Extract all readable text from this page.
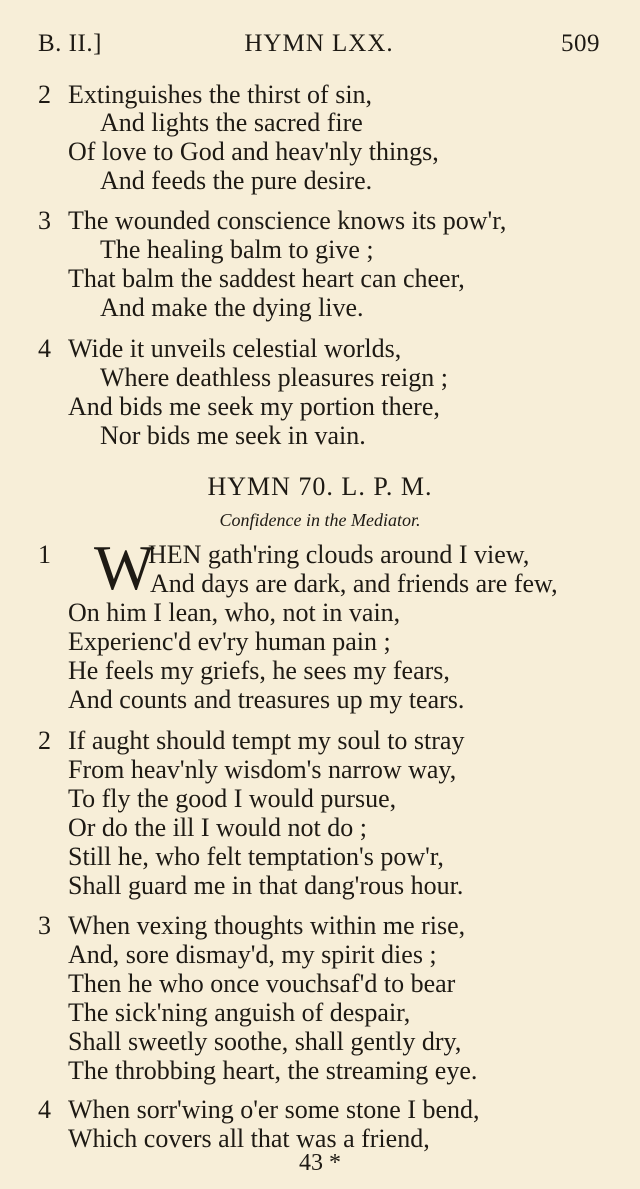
B. II.]	HYMN LXX.	509
2 Extinguishes the thirst of sin,
And lights the sacred fire
Of love to God and heav'nly things,
And feeds the pure desire.
3 The wounded conscience knows its pow'r,
The healing balm to give ;
That balm the saddest heart can cheer,
And make the dying live.
4 Wide it unveils celestial worlds,
Where deathless pleasures reign ;
And bids me seek my portion there,
Nor bids me seek in vain.
HYMN 70. L. P. M.
Confidence in the Mediator.
1 W
HEN gath'ring clouds around I view,
And days are dark, and friends are few,
On him I lean, who, not in vain,
Experienc'd ev'ry human pain ;
He feels my griefs, he sees my fears,
And counts and treasures up my tears.
2 If aught should tempt my soul to stray
From heav'nly wisdom's narrow way,
To fly the good I would pursue,
Or do the ill I would not do ;
Still he, who felt temptation's pow'r,
Shall guard me in that dang'rous hour.
3 When vexing thoughts within me rise,
And, sore dismay'd, my spirit dies ;
Then he who once vouchsaf'd to bear
The sick'ning anguish of despair,
Shall sweetly soothe, shall gently dry,
The throbbing heart, the streaming eye.
4 When sorr'wing o'er some stone I bend,
Which covers all that was a friend,
43 *
